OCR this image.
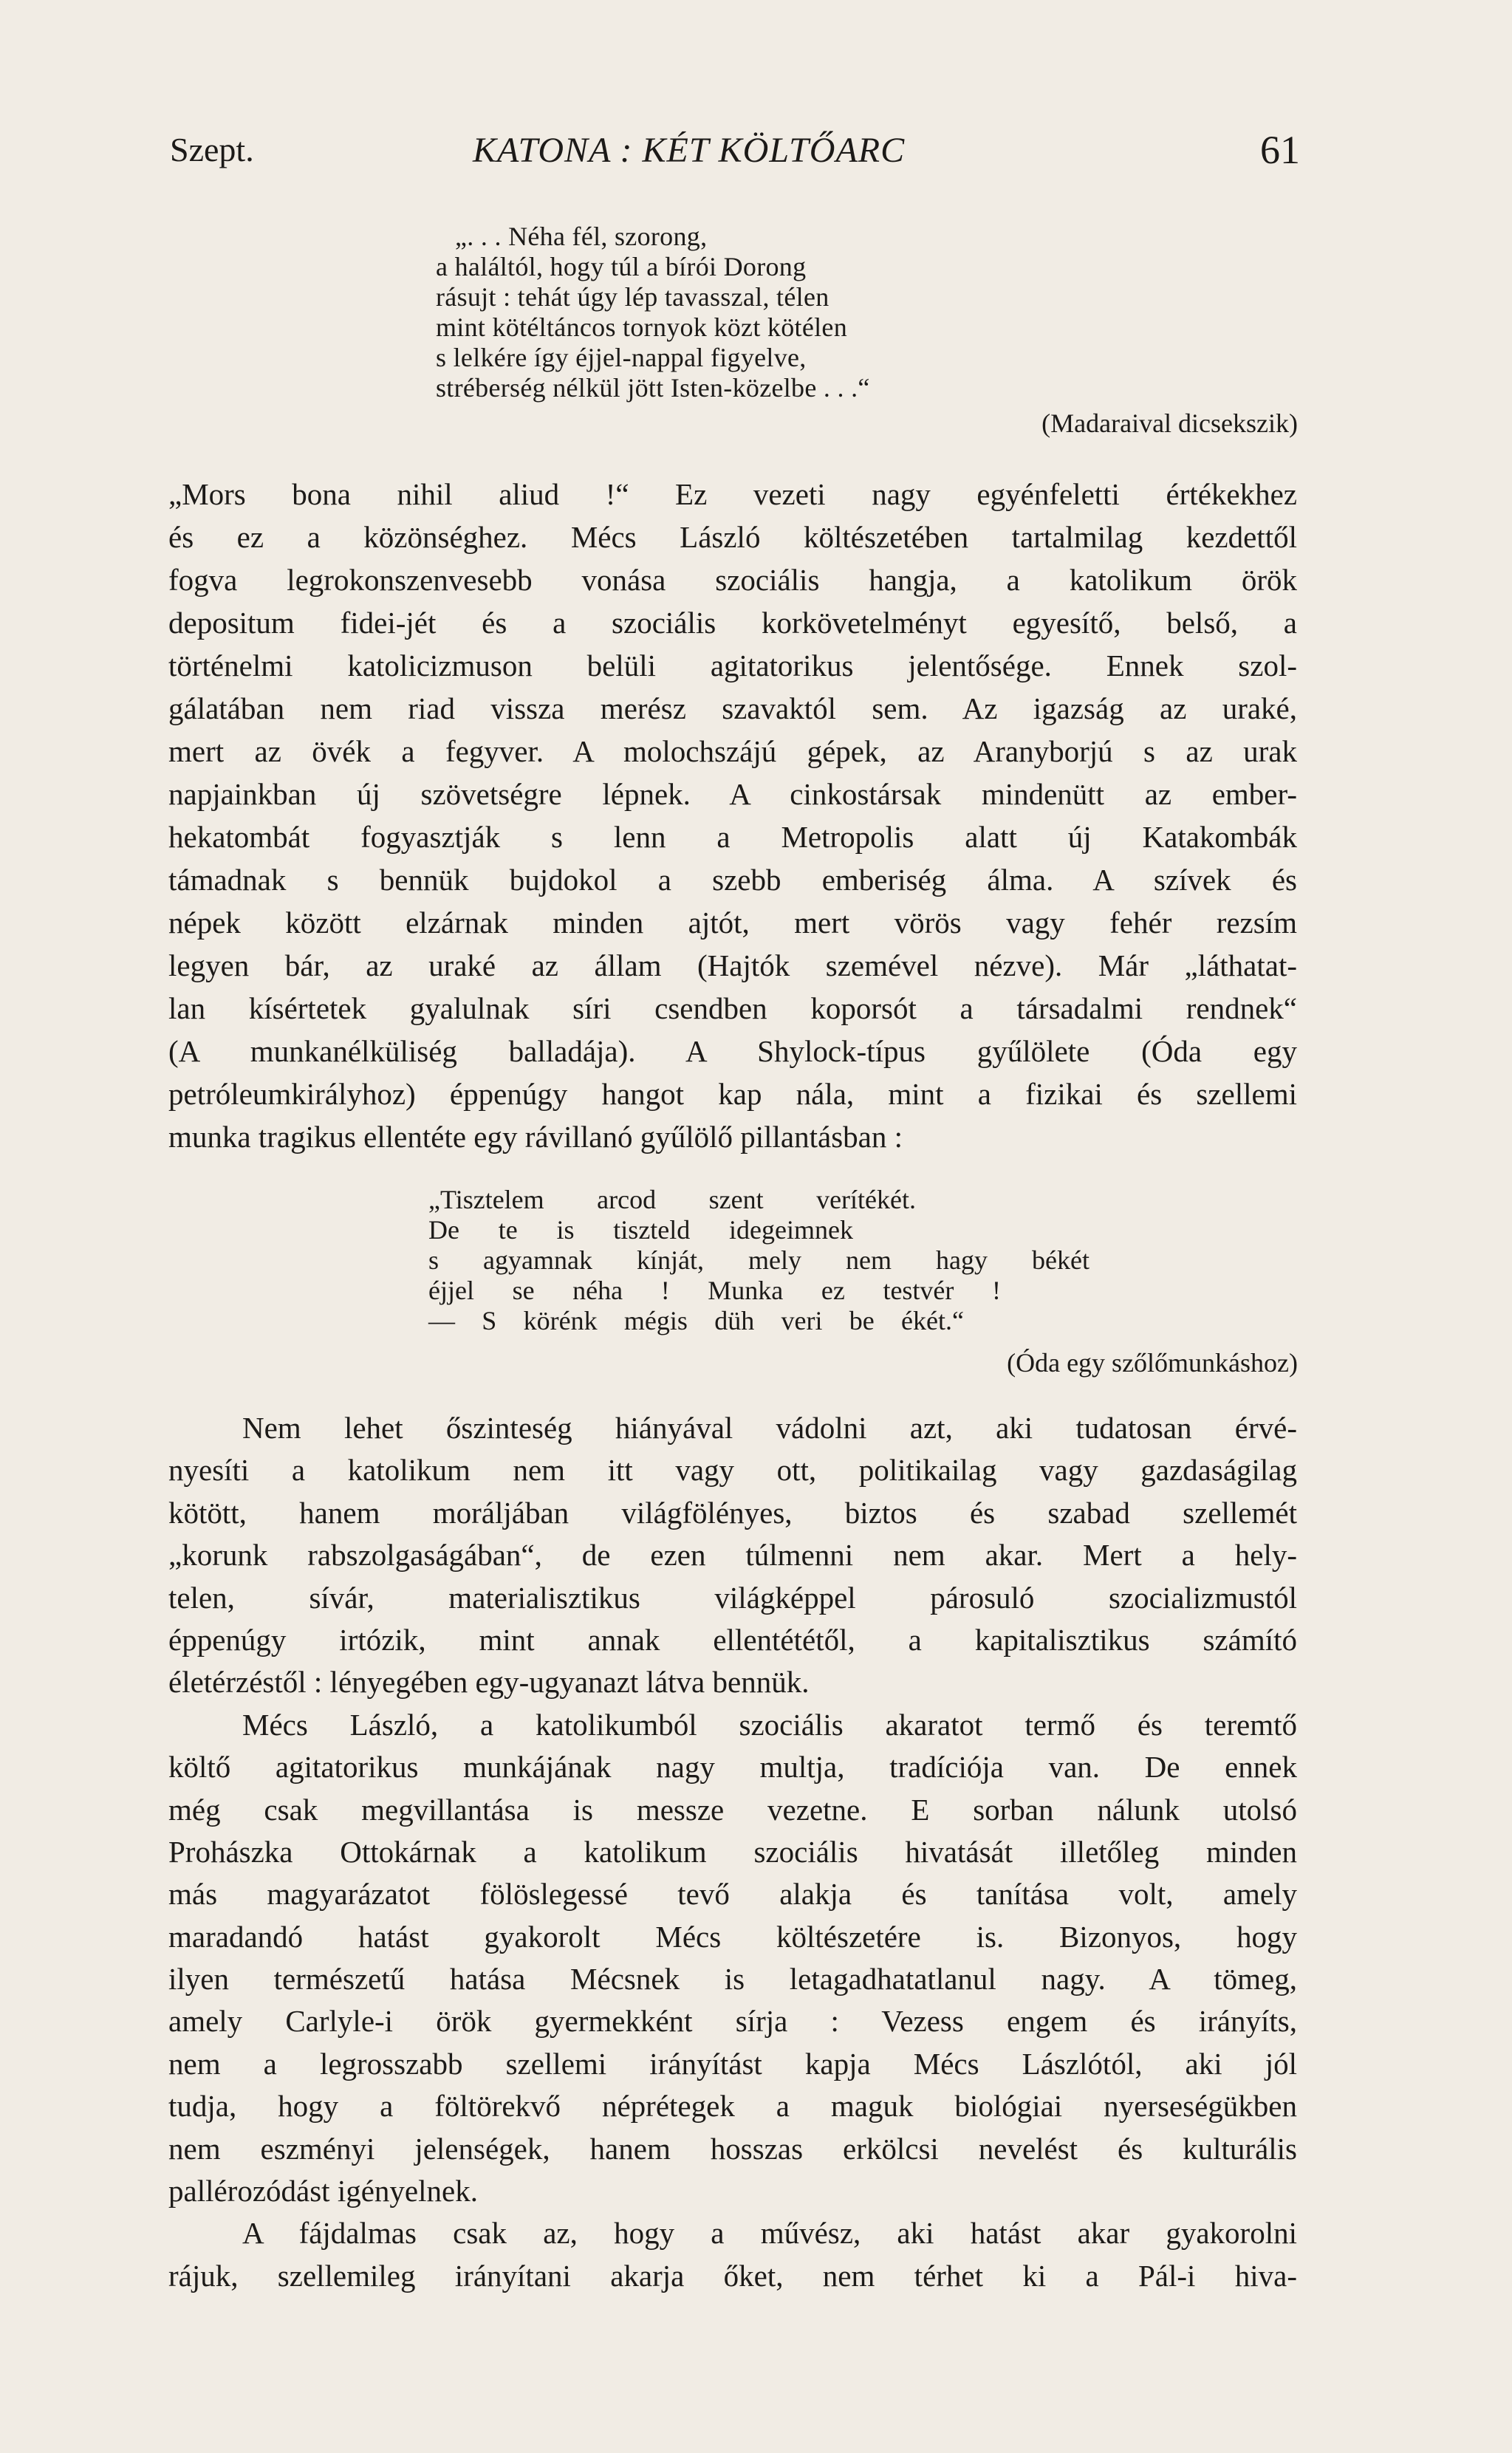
Szept.	KATONA : KÉT KÖLTŐARC	61
„. . . Néha fél, szorong,
a haláltól, hogy túl a bírói Dorong
rásujt : tehát úgy lép tavasszal, télen
mint kötéltáncos tornyok közt kötélen
s lelkére így éjjel-nappal figyelve,
stréberség nélkül jött Isten-közelbe . . .“
(Madaraival dicsekszik)
„Mors bona nihil aliud !“ Ez vezeti nagy egyénfeletti értékekhez
és ez a közönséghez. Mécs László költészetében tartalmilag kezdettől
fogva legrokonszenvesebb vonása szociális hangja, a katolikum örök
depositum fidei-jét és a szociális korkövetelményt egyesítő, belső, a
történelmi katolicizmuson belüli agitatorikus jelentősége. Ennek szol-
gálatában nem riad vissza merész szavaktól sem. Az igazság az uraké,
mert az övék a fegyver. A molochszájú gépek, az Aranyborjú s az urak
napjainkban új szövetségre lépnek. A cinkostársak mindenütt az ember-
hekatombát fogyasztják s lenn a Metropolis alatt új Katakombák
támadnak s bennük bujdokol a szebb emberiség álma. A szívek és
népek között elzárnak minden ajtót, mert vörös vagy fehér rezsím
legyen bár, az uraké az állam (Hajtók szemével nézve). Már „láthatat-
lan kísértetek gyalulnak síri csendben koporsót a társadalmi rendnek“
(A munkanélküliség balladája). A Shylock-típus gyűlölete (Óda egy
petróleumkirályhoz) éppenúgy hangot kap nála, mint a fizikai és szellemi
munka tragikus ellentéte egy rávillanó gyűlölő pillantásban :
„Tisztelem arcod szent verítékét.
De te is tiszteld idegeimnek
s agyamnak kínját, mely nem hagy békét
éjjel se néha ! Munka ez testvér !
— S körénk mégis düh veri be ékét.“
(Óda egy szőlőmunkáshoz)
Nem lehet őszinteség hiányával vádolni azt, aki tudatosan érvé-
nyesíti a katolikum nem itt vagy ott, politikailag vagy gazdaságilag
kötött, hanem moráljában világfölényes, biztos és szabad szellemét
„korunk rabszolgaságában“, de ezen túlmenni nem akar. Mert a hely-
telen, sívár, materialisztikus világképpel párosuló szocializmustól
éppenúgy irtózik, mint annak ellentététől, a kapitalisztikus számító
életérzéstől : lényegében egy-ugyanazt látva bennük.
Mécs László, a katolikumból szociális akaratot termő és teremtő
költő agitatorikus munkájának nagy multja, tradíciója van. De ennek
még csak megvillantása is messze vezetne. E sorban nálunk utolsó
Prohászka Ottokárnak a katolikum szociális hivatását illetőleg minden
más magyarázatot fölöslegessé tevő alakja és tanítása volt, amely
maradandó hatást gyakorolt Mécs költészetére is. Bizonyos, hogy
ilyen természetű hatása Mécsnek is letagadhatatlanul nagy. A tömeg,
amely Carlyle-i örök gyermekként sírja : Vezess engem és irányíts,
nem a legrosszabb szellemi irányítást kapja Mécs Lászlótól, aki jól
tudja, hogy a föltörekvő néprétegek a maguk biológiai nyerseségükben
nem eszményi jelenségek, hanem hosszas erkölcsi nevelést és kulturális
pallérozódást igényelnek.
A fájdalmas csak az, hogy a művész, aki hatást akar gyakorolni
rájuk, szellemileg irányítani akarja őket, nem térhet ki a Pál-i hiva-
